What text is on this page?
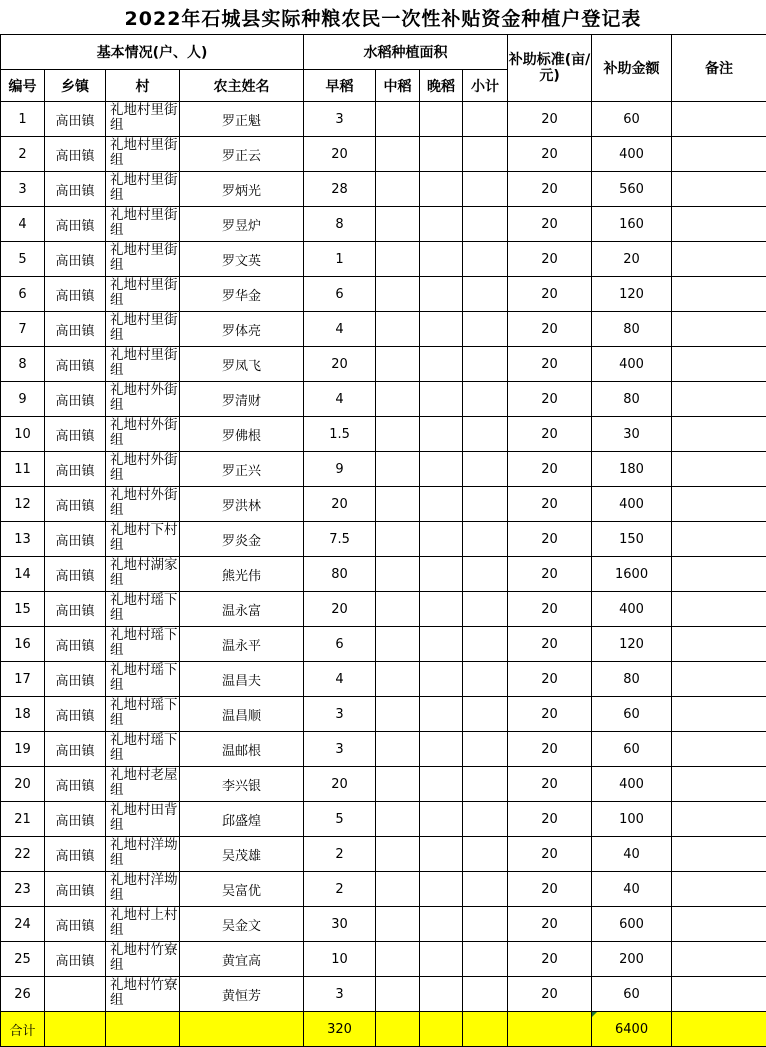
2022年石城县实际种粮农民一次性补贴资金种植户登记表
基本情况(户、人)				水稻种植面积				补助标准(亩/元)	补助金额	备注
编号	乡镇	村	农主姓名	早稻	中稻	晚稻	小计			
1	高田镇	礼地村里街组	罗正魁	3				20	60	
2	高田镇	礼地村里街组	罗正云	20				20	400	
3	高田镇	礼地村里街组	罗炳光	28				20	560	
4	高田镇	礼地村里街组	罗昱炉	8				20	160	
5	高田镇	礼地村里街组	罗文英	1				20	20	
6	高田镇	礼地村里街组	罗华金	6				20	120	
7	高田镇	礼地村里街组	罗体亮	4				20	80	
8	高田镇	礼地村里街组	罗凤飞	20				20	400	
9	高田镇	礼地村外街组	罗清财	4				20	80	
10	高田镇	礼地村外街组	罗佛根	1.5				20	30	
11	高田镇	礼地村外街组	罗正兴	9				20	180	
12	高田镇	礼地村外街组	罗洪林	20				20	400	
13	高田镇	礼地村下村组	罗炎金	7.5				20	150	
14	高田镇	礼地村湖家组	熊光伟	80				20	1600	
15	高田镇	礼地村瑶下组	温永富	20				20	400	
16	高田镇	礼地村瑶下组	温永平	6				20	120	
17	高田镇	礼地村瑶下组	温昌夫	4				20	80	
18	高田镇	礼地村瑶下组	温昌顺	3				20	60	
19	高田镇	礼地村瑶下组	温邮根	3				20	60	
20	高田镇	礼地村老屋组	李兴银	20				20	400	
21	高田镇	礼地村田背组	邱盛煌	5				20	100	
22	高田镇	礼地村洋坳组	吴茂雄	2				20	40	
23	高田镇	礼地村洋坳组	吴富优	2				20	40	
24	高田镇	礼地村上村组	吴金文	30				20	600	
25	高田镇	礼地村竹寮组	黄宜高	10				20	200	
26		礼地村竹寮组	黄恒芳	3				20	60	
合计				320					6400	
